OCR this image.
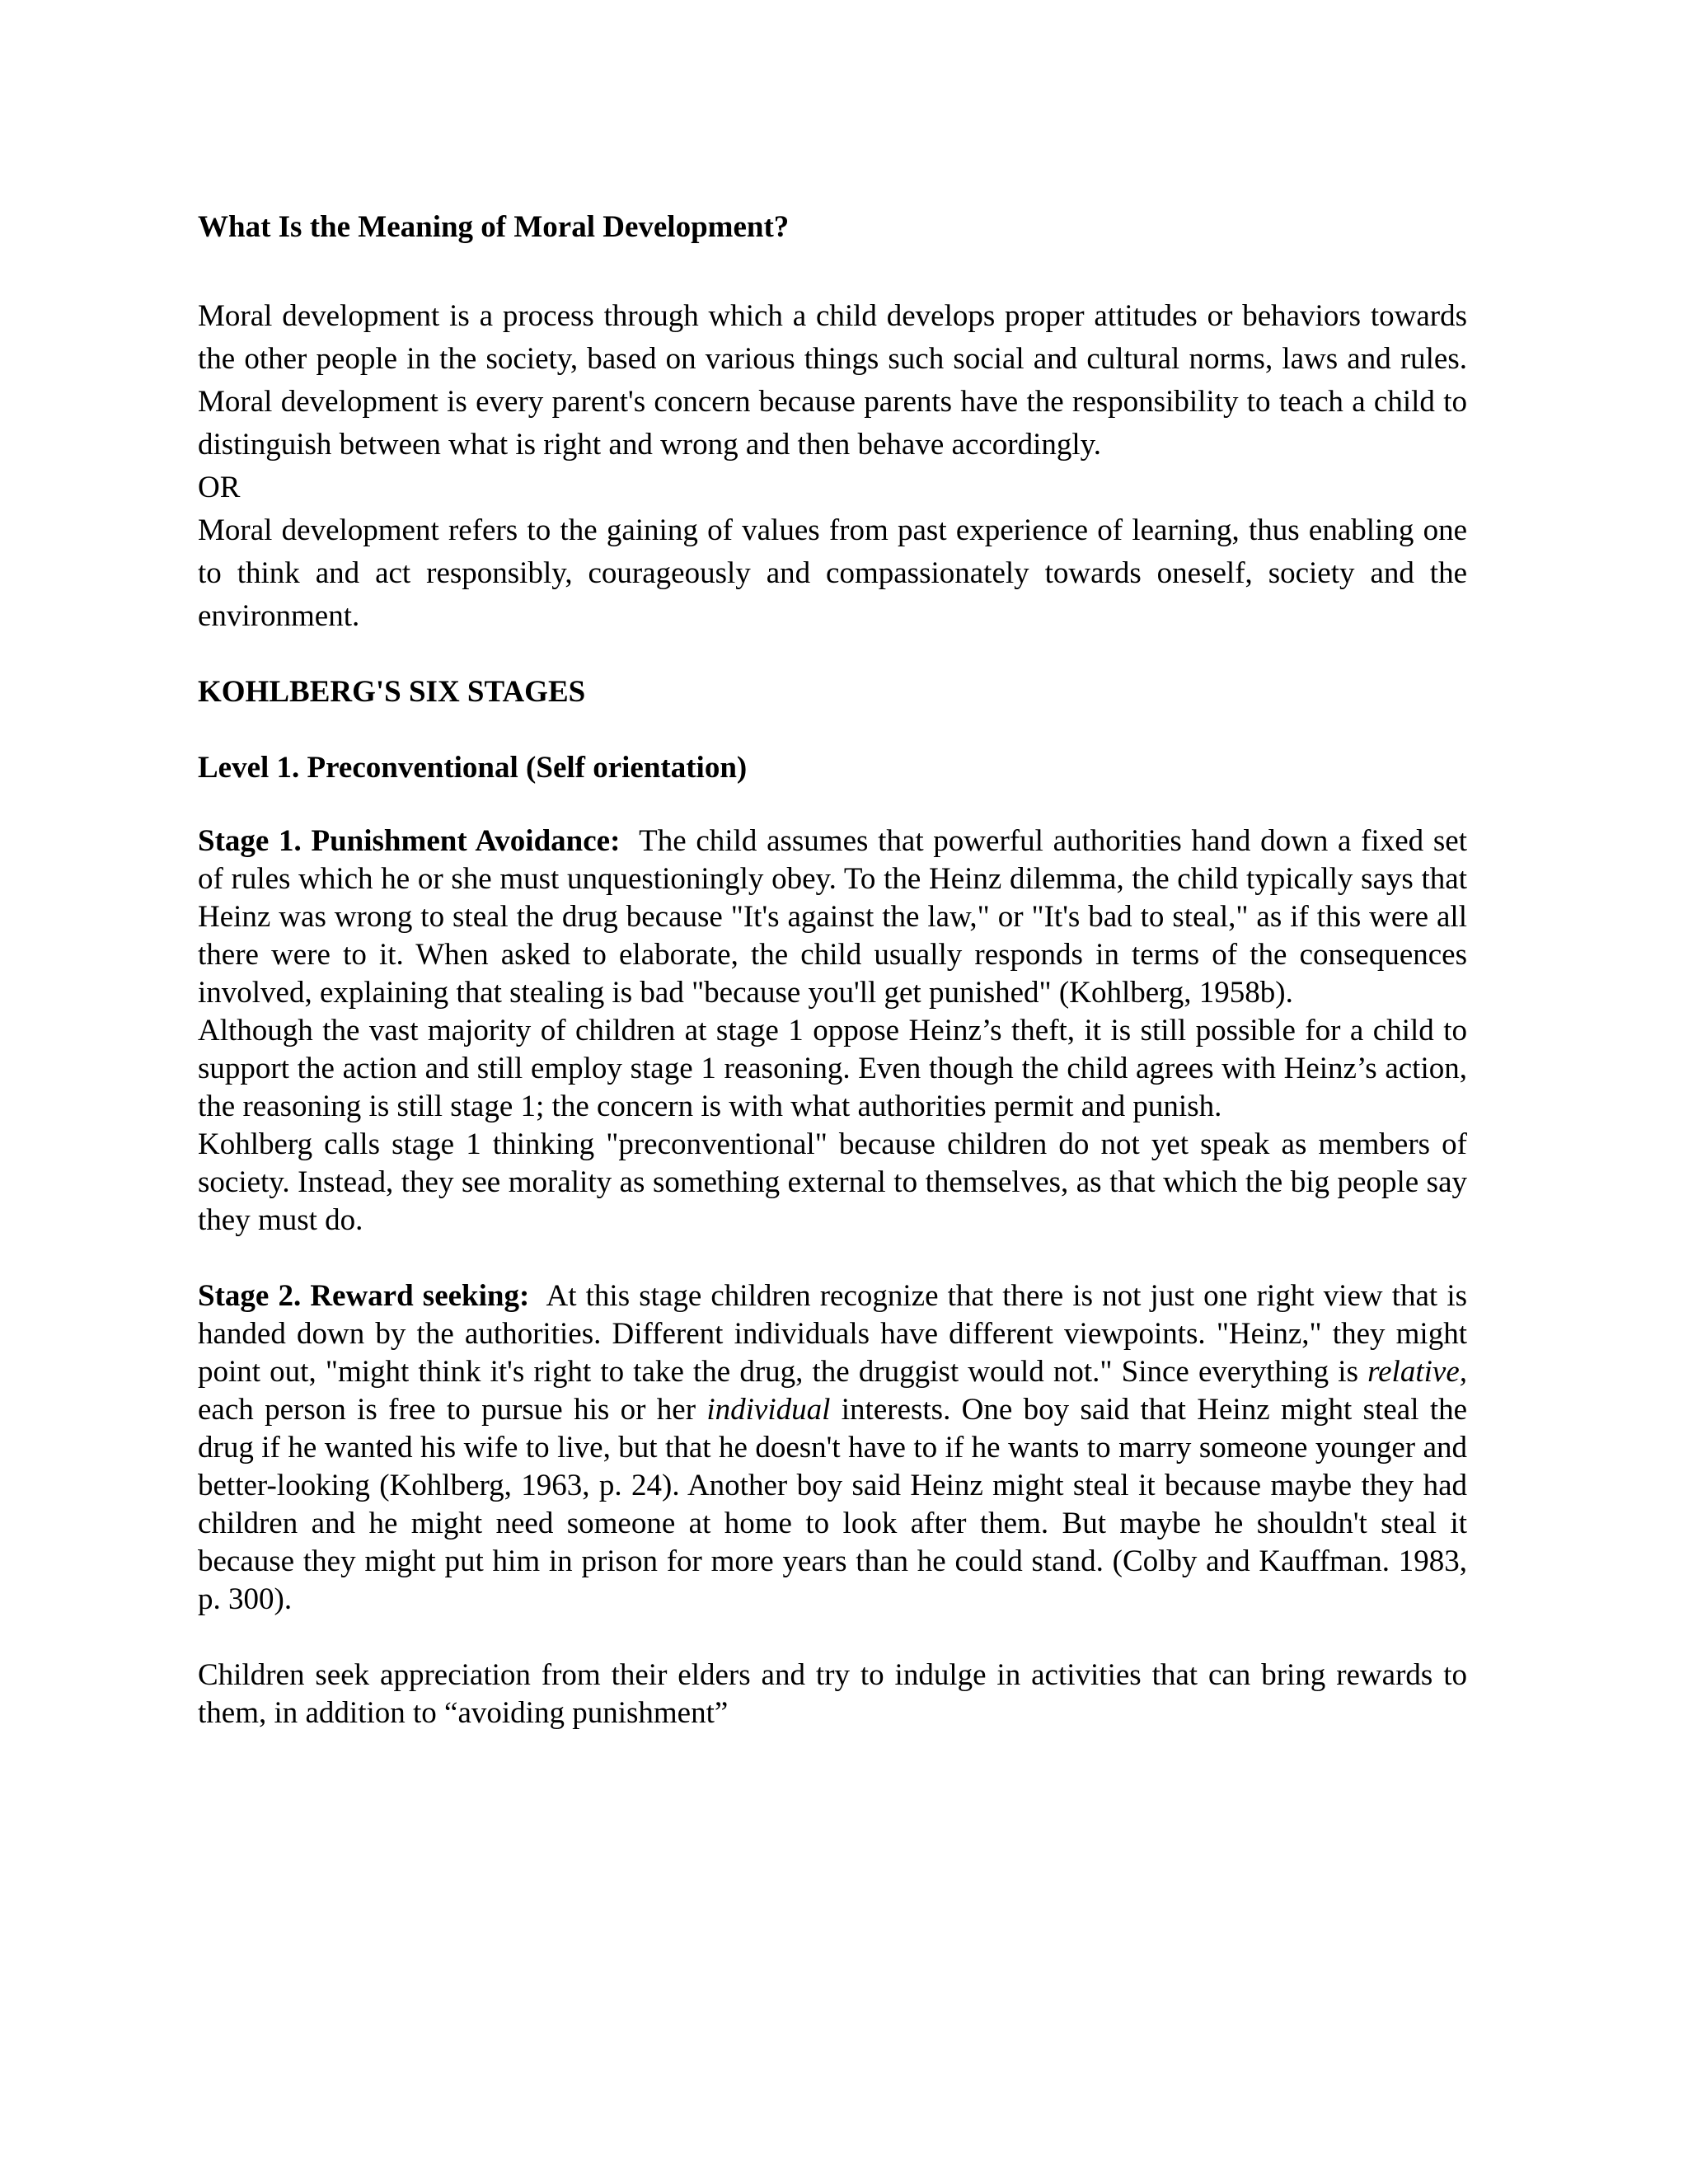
What Is the Meaning of Moral Development?

Moral development is a process through which a child develops proper attitudes or behaviors towards the other people in the society, based on various things such social and cultural norms, laws and rules. Moral development is every parent's concern because parents have the responsibility to teach a child to distinguish between what is right and wrong and then behave accordingly.

OR

Moral development refers to the gaining of values from past experience of learning, thus enabling one to think and act responsibly, courageously and compassionately towards oneself, society and the environment.

KOHLBERG'S SIX STAGES

Level 1. Preconventional (Self orientation)

Stage 1. Punishment Avoidance: The child assumes that powerful authorities hand down a fixed set of rules which he or she must unquestioningly obey. To the Heinz dilemma, the child typically says that Heinz was wrong to steal the drug because "It's against the law," or "It's bad to steal," as if this were all there were to it. When asked to elaborate, the child usually responds in terms of the consequences involved, explaining that stealing is bad "because you'll get punished" (Kohlberg, 1958b).

Although the vast majority of children at stage 1 oppose Heinz’s theft, it is still possible for a child to support the action and still employ stage 1 reasoning. Even though the child agrees with Heinz’s action, the reasoning is still stage 1; the concern is with what authorities permit and punish.

Kohlberg calls stage 1 thinking "preconventional" because children do not yet speak as members of society. Instead, they see morality as something external to themselves, as that which the big people say they must do.

Stage 2. Reward seeking: At this stage children recognize that there is not just one right view that is handed down by the authorities. Different individuals have different viewpoints. "Heinz," they might point out, "might think it's right to take the drug, the druggist would not." Since everything is relative, each person is free to pursue his or her individual interests. One boy said that Heinz might steal the drug if he wanted his wife to live, but that he doesn't have to if he wants to marry someone younger and better-looking (Kohlberg, 1963, p. 24). Another boy said Heinz might steal it because maybe they had children and he might need someone at home to look after them. But maybe he shouldn't steal it because they might put him in prison for more years than he could stand. (Colby and Kauffman. 1983, p. 300).

Children seek appreciation from their elders and try to indulge in activities that can bring rewards to them, in addition to “avoiding punishment”
